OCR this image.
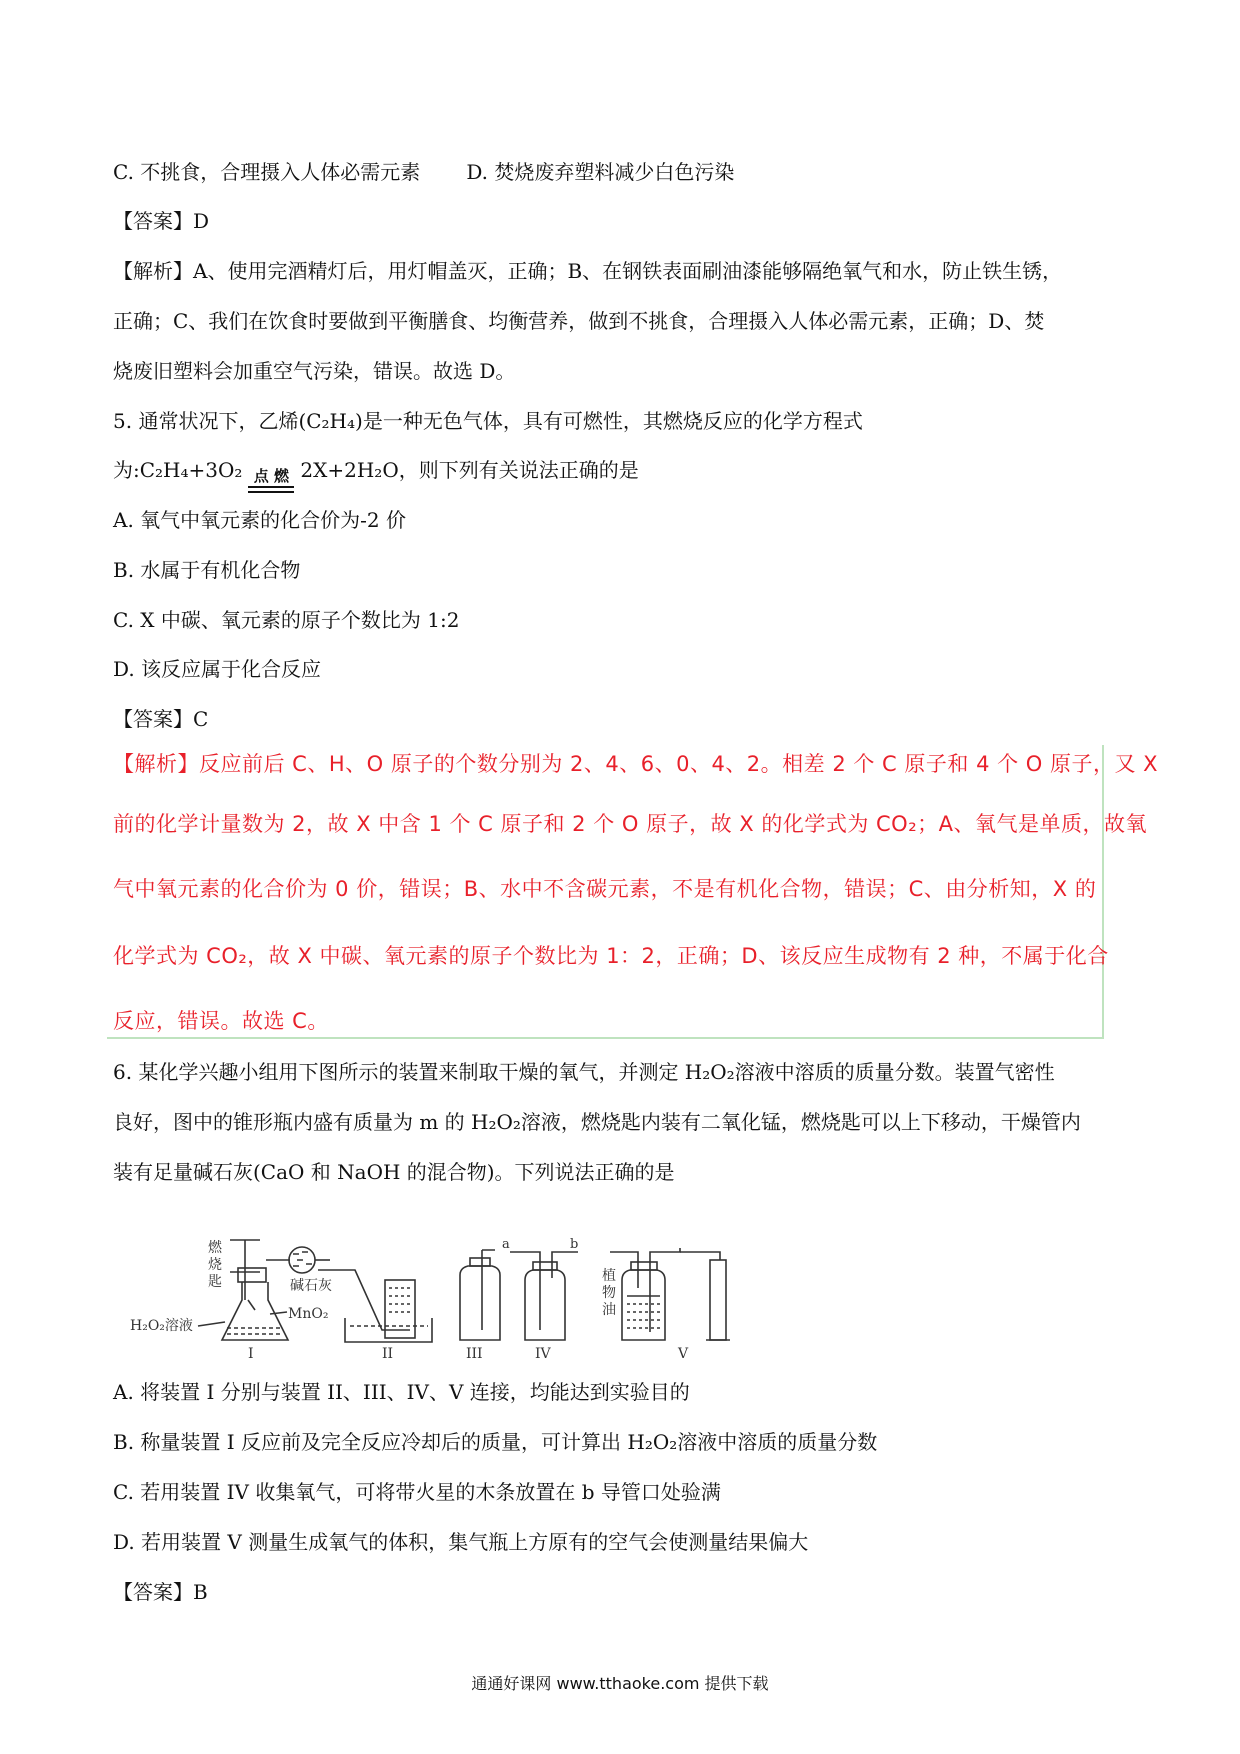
C. 不挑食，合理摄入人体必需元素 D. 焚烧废弃塑料减少白色污染
【答案】D
【解析】A、使用完酒精灯后，用灯帽盖灭，正确；B、在钢铁表面刷油漆能够隔绝氧气和水，防止铁生锈，
正确；C、我们在饮食时要做到平衡膳食、均衡营养，做到不挑食，合理摄入人体必需元素，正确；D、焚
烧废旧塑料会加重空气污染，错误。故选 D。
5. 通常状况下，乙烯(C₂H₄)是一种无色气体，具有可燃性，其燃烧反应的化学方程式
为:C₂H₄+3O₂ 点 燃 2X+2H₂O，则下列有关说法正确的是
A. 氧气中氧元素的化合价为-2 价
B. 水属于有机化合物
C. X 中碳、氧元素的原子个数比为 1:2
D. 该反应属于化合反应
【答案】C
【解析】反应前后 C、H、O 原子的个数分别为 2、4、6、0、4、2。相差 2 个 C 原子和 4 个 O 原子，又 X
前的化学计量数为 2，故 X 中含 1 个 C 原子和 2 个 O 原子，故 X 的化学式为 CO₂；A、氧气是单质，故氧
气中氧元素的化合价为 0 价，错误；B、水中不含碳元素，不是有机化合物，错误；C、由分析知，X 的
化学式为 CO₂，故 X 中碳、氧元素的原子个数比为 1：2，正确；D、该反应生成物有 2 种，不属于化合
反应，错误。故选 C。
6. 某化学兴趣小组用下图所示的装置来制取干燥的氧气，并测定 H₂O₂溶液中溶质的质量分数。装置气密性
良好，图中的锥形瓶内盛有质量为 m 的 H₂O₂溶液，燃烧匙内装有二氧化锰，燃烧匙可以上下移动，干燥管内
装有足量碱石灰(CaO 和 NaOH 的混合物)。下列说法正确的是
燃
烧
匙	碱石灰
MnO₂
H₂O₂溶液
I	II	III
a	b
IV
植
物
油
V
A. 将装置 I 分别与装置 II、III、IV、V 连接，均能达到实验目的
B. 称量装置 I 反应前及完全反应冷却后的质量，可计算出 H₂O₂溶液中溶质的质量分数
C. 若用装置 IV 收集氧气，可将带火星的木条放置在 b 导管口处验满
D. 若用装置 V 测量生成氧气的体积，集气瓶上方原有的空气会使测量结果偏大
【答案】B
通通好课网 www.tthaoke.com 提供下载
